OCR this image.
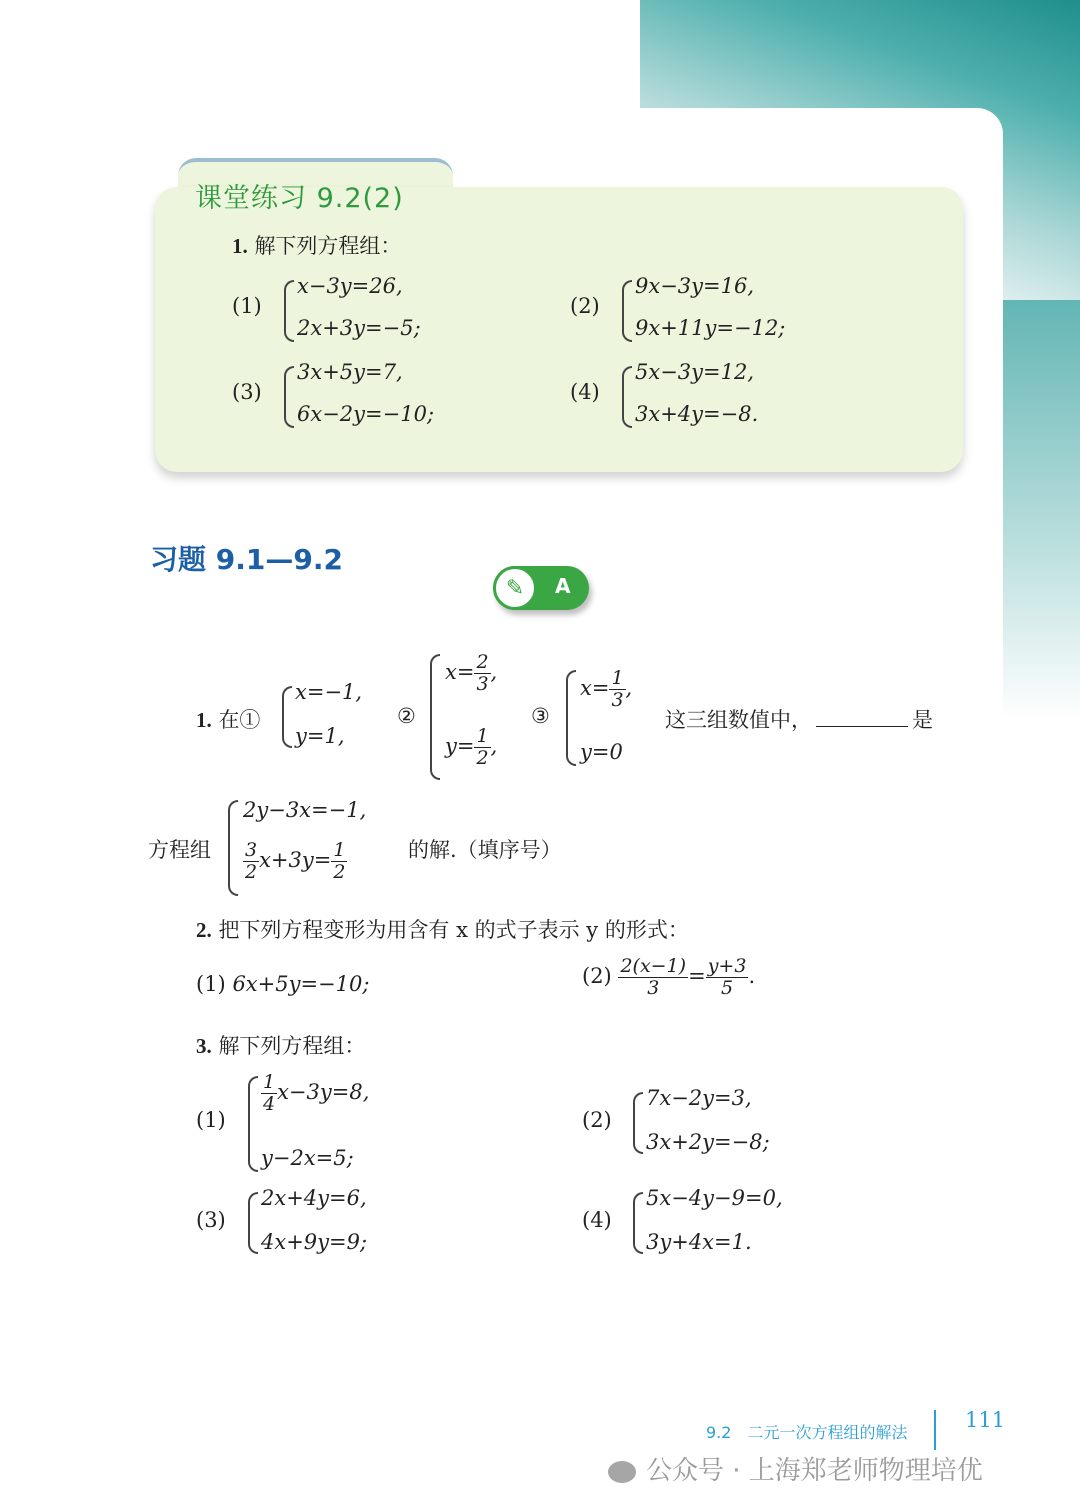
课堂练习 9.2(2)
1. 解下列方程组：
(1)
x−3y=26,
2x+3y=−5;
(2)
9x−3y=16,
9x+11y=−12;
(3)
3x+5y=7,
6x−2y=−10;
(4)
5x−3y=12,
3x+4y=−8.
习题 9.1—9.2
✎	A
1. 在①
x=−1,
y=1,
②
$x= \frac{2}{3}$ ,
$y= \frac{1}{2}$ ,
③
$x= \frac{1}{3}$ ,
y=0
这三组数值中，	是
方程组
2y−3x=−1,
$\frac{3}{2} x+3y= \frac{1}{2}$	的解.（填序号）
2. 把下列方程变形为用含有 x 的式子表示 y 的形式：
(1) 6x+5y=−10;	$(2) \frac{2(x-1)}{3} = \frac{y+3}{5}$ .
3. 解下列方程组：
(1)
$\frac{1}{4} x-3y=8$,
y−2x=5;
(2)
7x−2y=3,
3x+2y=−8;
(3)
2x+4y=6,
4x+9y=9;
(4)
5x−4y−9=0,
3y+4x=1.
9.2　二元一次方程组的解法
111
公众号 · 上海郑老师物理培优
